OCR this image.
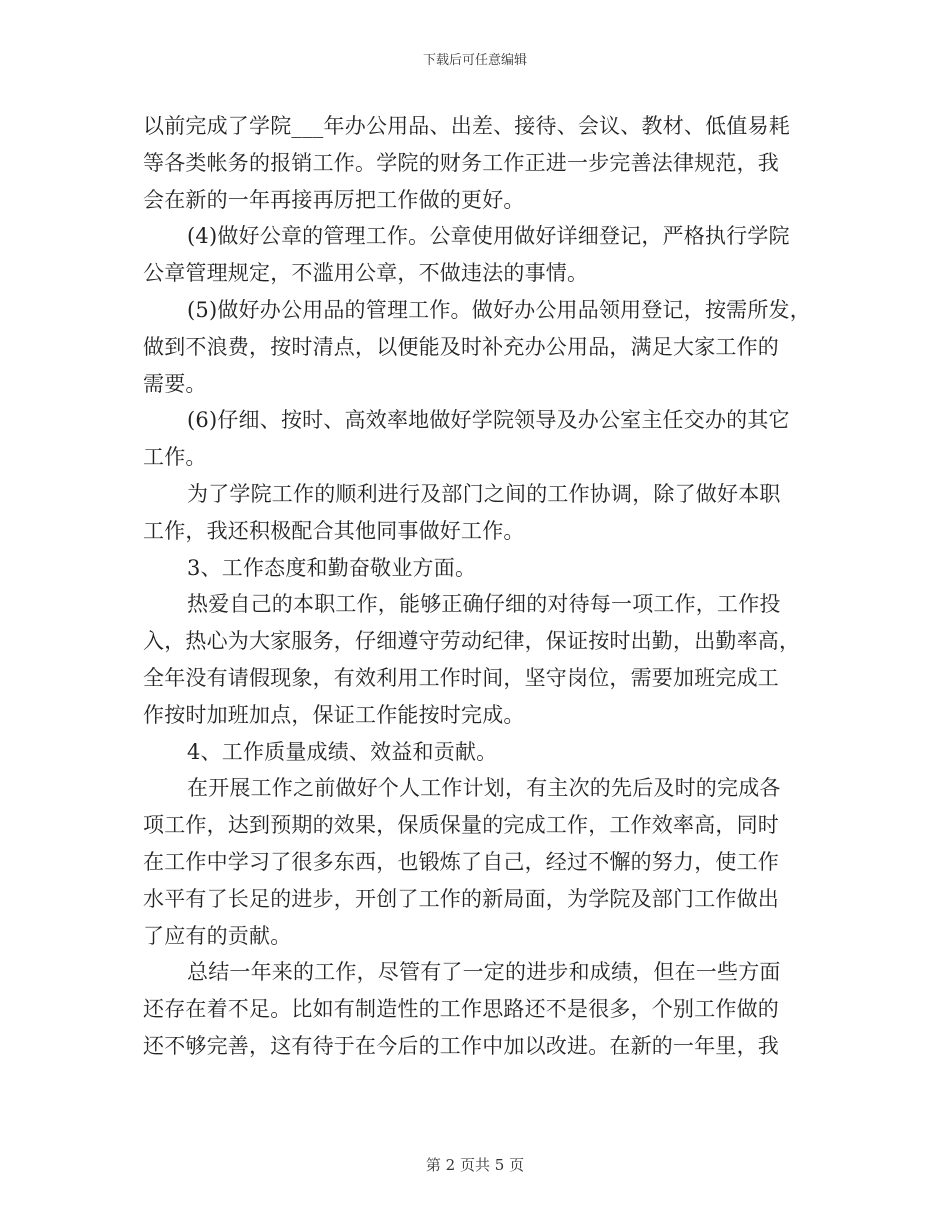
下载后可任意编辑
以前完成了学院___年办公用品、出差、接待、会议、教材、低值易耗
等各类帐务的报销工作。学院的财务工作正进一步完善法律规范，我
会在新的一年再接再厉把工作做的更好。
(4)做好公章的管理工作。公章使用做好详细登记，严格执行学院
公章管理规定，不滥用公章，不做违法的事情。
(5)做好办公用品的管理工作。做好办公用品领用登记，按需所发，
做到不浪费，按时清点，以便能及时补充办公用品，满足大家工作的
需要。
(6)仔细、按时、高效率地做好学院领导及办公室主任交办的其它
工作。
为了学院工作的顺利进行及部门之间的工作协调，除了做好本职
工作，我还积极配合其他同事做好工作。
3、工作态度和勤奋敬业方面。
热爱自己的本职工作，能够正确仔细的对待每一项工作，工作投
入，热心为大家服务，仔细遵守劳动纪律，保证按时出勤，出勤率高，
全年没有请假现象，有效利用工作时间，坚守岗位，需要加班完成工
作按时加班加点，保证工作能按时完成。
4、工作质量成绩、效益和贡献。
在开展工作之前做好个人工作计划，有主次的先后及时的完成各
项工作，达到预期的效果，保质保量的完成工作，工作效率高，同时
在工作中学习了很多东西，也锻炼了自己，经过不懈的努力，使工作
水平有了长足的进步，开创了工作的新局面，为学院及部门工作做出
了应有的贡献。
总结一年来的工作，尽管有了一定的进步和成绩，但在一些方面
还存在着不足。比如有制造性的工作思路还不是很多，个别工作做的
还不够完善，这有待于在今后的工作中加以改进。在新的一年里，我
第 2 页共 5 页
